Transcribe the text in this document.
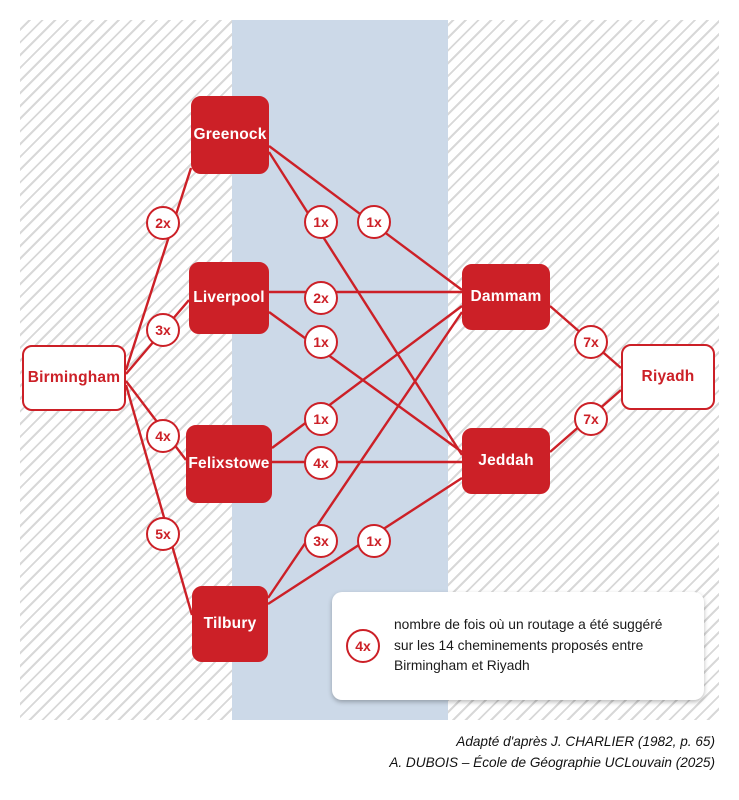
Birmingham
Greenock
Liverpool
Felixstowe
Tilbury
Dammam
Jeddah
Riyadh
2x
3x
4x
5x
1x	1x
2x
1x
1x
4x
3x	1x
7x
7x
4x
nombre de fois où un routage a été suggéré
sur les 14 cheminements proposés entre
Birmingham et Riyadh
Adapté d'après J. CHARLIER (1982, p. 65)
A. DUBOIS – École de Géographie UCLouvain (2025)
